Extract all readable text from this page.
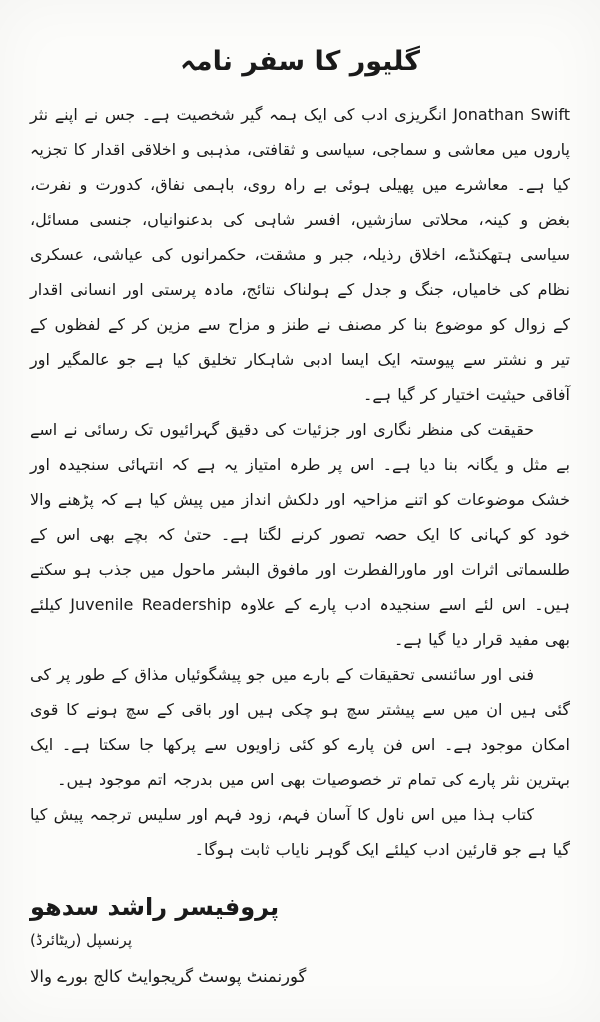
گلیور کا سفر نامہ

Jonathan Swift انگریزی ادب کی ایک ہمہ گیر شخصیت ہے۔ جس نے اپنے نثر پاروں میں معاشی و سماجی، سیاسی و ثقافتی، مذہبی و اخلاقی اقدار کا تجزیہ کیا ہے۔ معاشرے میں پھیلی ہوئی بے راہ روی، باہمی نفاق، کدورت و نفرت، بغض و کینہ، محلاتی سازشیں، افسر شاہی کی بدعنوانیاں، جنسی مسائل، سیاسی ہتھکنڈے، اخلاق رذیلہ، جبر و مشقت، حکمرانوں کی عیاشی، عسکری نظام کی خامیاں، جنگ و جدل کے ہولناک نتائج، مادہ پرستی اور انسانی اقدار کے زوال کو موضوع بنا کر مصنف نے طنز و مزاح سے مزین کر کے لفظوں کے تیر و نشتر سے پیوستہ ایک ایسا ادبی شاہکار تخلیق کیا ہے جو عالمگیر اور آفاقی حیثیت اختیار کر گیا ہے۔

حقیقت کی منظر نگاری اور جزئیات کی دقیق گہرائیوں تک رسائی نے اسے بے مثل و یگانہ بنا دیا ہے۔ اس پر طرہ امتیاز یہ ہے کہ انتہائی سنجیدہ اور خشک موضوعات کو اتنے مزاحیہ اور دلکش انداز میں پیش کیا ہے کہ پڑھنے والا خود کو کہانی کا ایک حصہ تصور کرنے لگتا ہے۔ حتیٰ کہ بچے بھی اس کے طلسماتی اثرات اور ماورالفطرت اور مافوق البشر ماحول میں جذب ہو سکتے ہیں۔ اس لئے اسے سنجیدہ ادب پارے کے علاوہ Juvenile Readership کیلئے بھی مفید قرار دیا گیا ہے۔

فنی اور سائنسی تحقیقات کے بارے میں جو پیشگوئیاں مذاق کے طور پر کی گئی ہیں ان میں سے پیشتر سچ ہو چکی ہیں اور باقی کے سچ ہونے کا قوی امکان موجود ہے۔ اس فن پارے کو کئی زاویوں سے پرکھا جا سکتا ہے۔ ایک بہترین نثر پارے کی تمام تر خصوصیات بھی اس میں بدرجہ اتم موجود ہیں۔

کتاب ہذا میں اس ناول کا آسان فہم، زود فہم اور سلیس ترجمہ پیش کیا گیا ہے جو قارئین ادب کیلئے ایک گوہر نایاب ثابت ہوگا۔

پروفیسر راشد سدھو
پرنسپل (ریٹائرڈ)
گورنمنٹ پوسٹ گریجوایٹ کالج بورے والا
